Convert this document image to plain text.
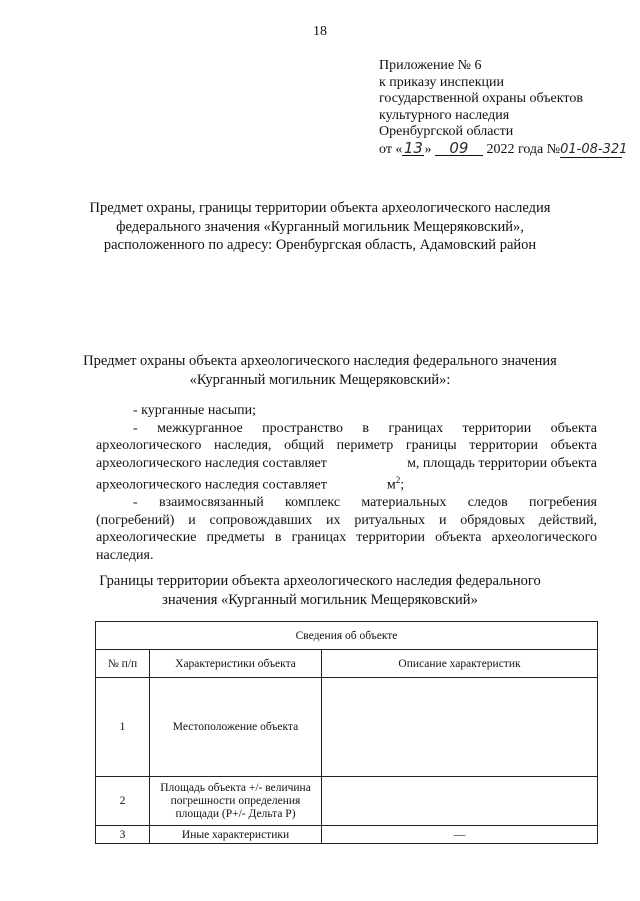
18
Приложение № 6
к приказу инспекции
государственной охраны объектов
культурного наследия
Оренбургской области
от «13» 09 2022 года №01-08-321
Предмет охраны, границы территории объекта археологического наследия
федерального значения «Курганный могильник Мещеряковский»,
расположенного по адресу: Оренбургская область, Адамовский район
Предмет охраны объекта археологического наследия федерального значения
«Курганный могильник Мещеряковский»:

- курганные насыпи;

- межкурганное пространство в границах территории объекта

археологического наследия, общий периметр границы территории объекта

археологического наследия составляет	м, площадь территории объекта

археологического наследия составляет	$м^2$;

- взаимосвязанный комплекс материальных следов погребения

(погребений) и сопровождавших их ритуальных и обрядовых действий, археологические предметы в границах территории объекта археологического наследия.

Границы территории объекта археологического наследия федерального
значения «Курганный могильник Мещеряковский»
Сведения об объекте		
№ п/п	Характеристики объекта	Описание характеристик
1	Местоположение объекта	
2	Площадь объекта +/- величина погрешности определения площади (Р+/- Дельта Р)	
3	Иные характеристики	—
